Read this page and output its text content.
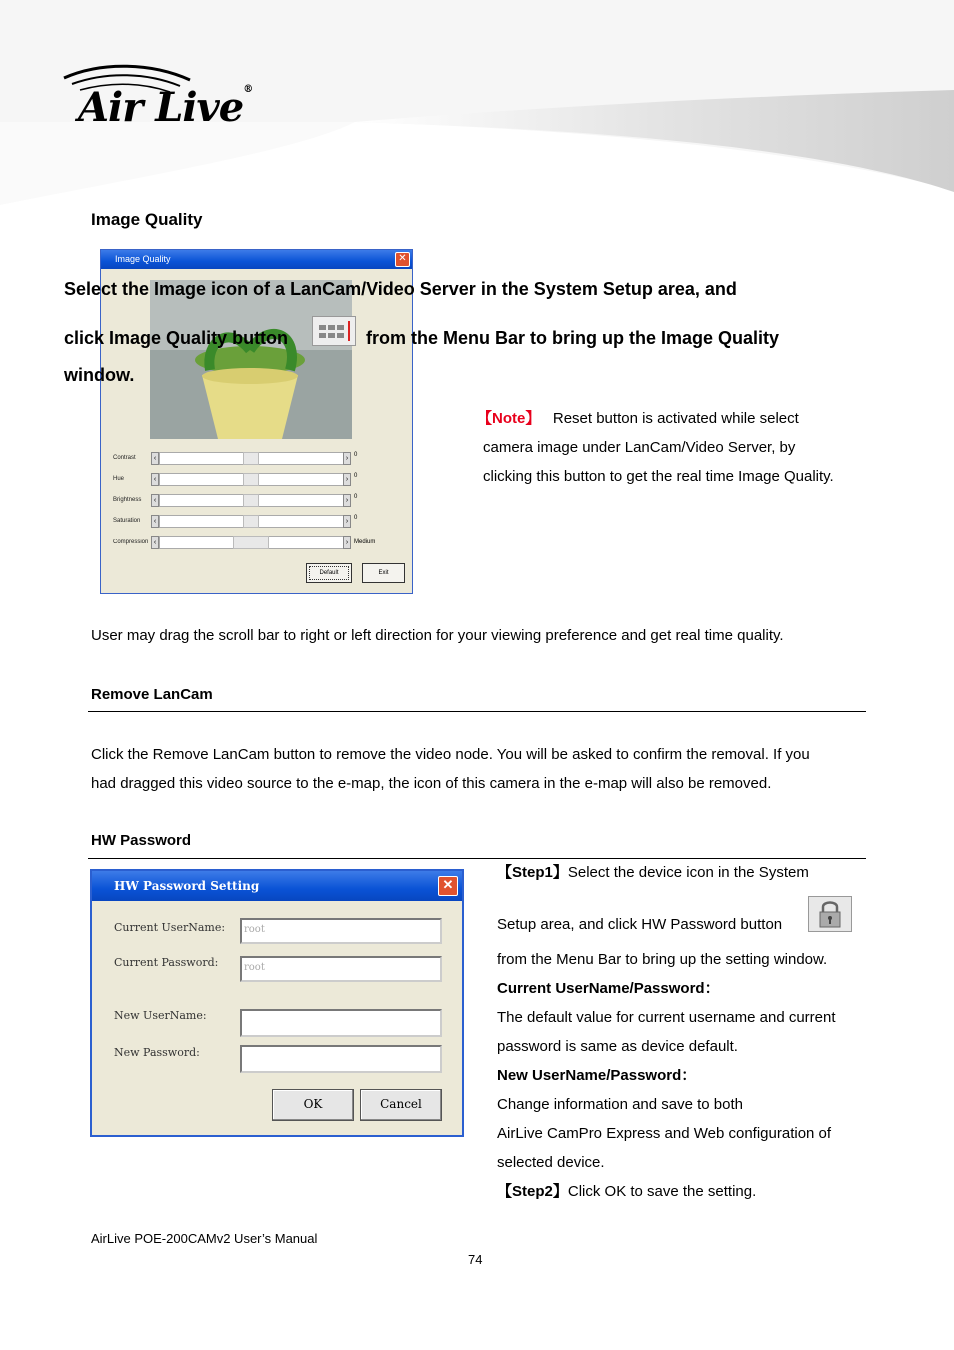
Air Live®
Image Quality
Image Quality	✕
Contrast	‹	› 0
Hue	‹	› 0
Brightness	‹	› 0
Saturation	‹	› 0
Compression ‹	› Medium
Default	Exit
Select the Image icon of a LanCam/Video Server in the System Setup area, and
click Image Quality button	from the Menu Bar to bring up the Image Quality
window.
【Note】 Reset button is activated while select
camera image under LanCam/Video Server, by
clicking this button to get the real time Image Quality.
User may drag the scroll bar to right or left direction for your viewing preference and get real time quality.
Remove LanCam
Click the Remove LanCam button to remove the video node. You will be asked to confirm the removal. If you
had dragged this video source to the e-map, the icon of this camera in the e-map will also be removed.
HW Password
HW Password Setting	✕
Current UserName:	root
Current Password:	root
New UserName:
New Password:
OK	Cancel
【Step1】Select the device icon in the System
Setup area, and click HW Password button
from the Menu Bar to bring up the setting window.
Current UserName/Password：
The default value for current username and current
password is same as device default.
New UserName/Password：
Change information and save to both
AirLive CamPro Express and Web configuration of
selected device.
【Step2】Click OK to save the setting.
AirLive POE-200CAMv2 User’s Manual
74
